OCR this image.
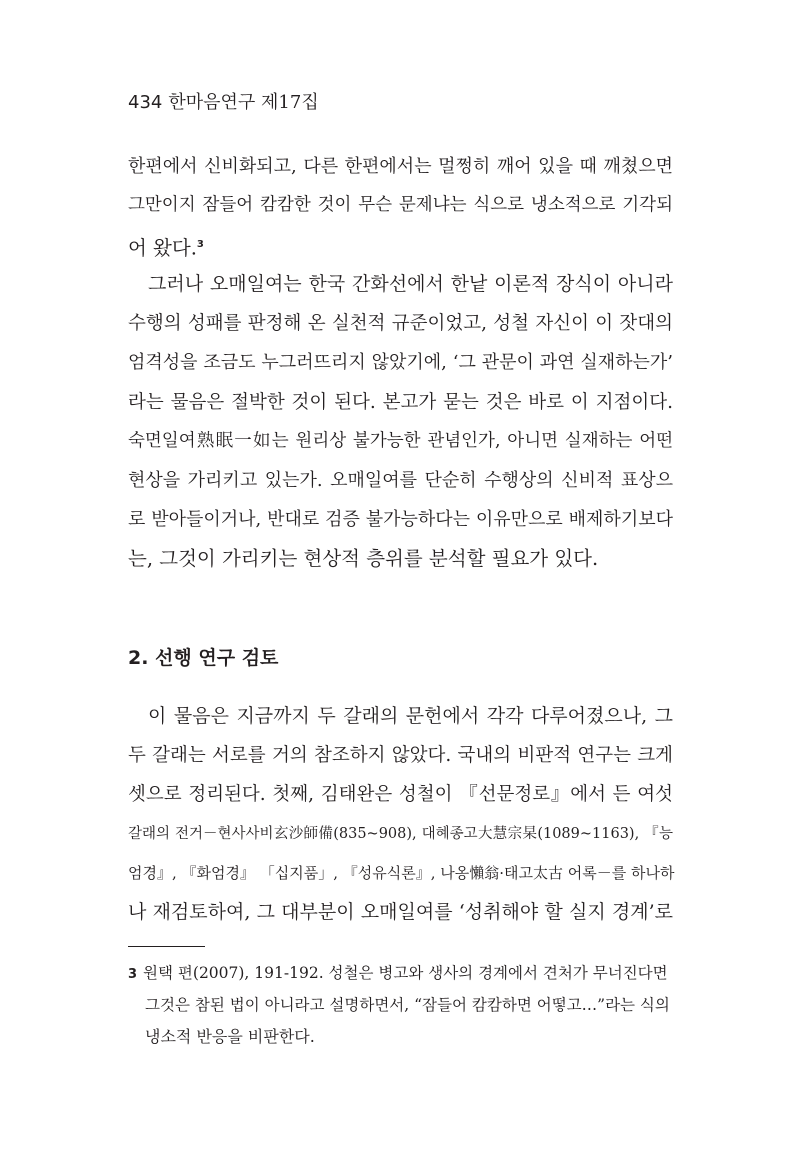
434 한마음연구 제17집
한편에서 신비화되고, 다른 한편에서는 멀쩡히 깨어 있을 때 깨쳤으면
그만이지 잠들어 캄캄한 것이 무슨 문제냐는 식으로 냉소적으로 기각되
어 왔다.$^3$
그러나 오매일여는 한국 간화선에서 한낱 이론적 장식이 아니라
수행의 성패를 판정해 온 실천적 규준이었고, 성철 자신이 이 잣대의
엄격성을 조금도 누그러뜨리지 않았기에, ‘그 관문이 과연 실재하는가’
라는 물음은 절박한 것이 된다. 본고가 묻는 것은 바로 이 지점이다.
숙면일여熟眠一如는 원리상 불가능한 관념인가, 아니면 실재하는 어떤
현상을 가리키고 있는가. 오매일여를 단순히 수행상의 신비적 표상으
로 받아들이거나, 반대로 검증 불가능하다는 이유만으로 배제하기보다
는, 그것이 가리키는 현상적 층위를 분석할 필요가 있다.
2. 선행 연구 검토
이 물음은 지금까지 두 갈래의 문헌에서 각각 다루어졌으나, 그
두 갈래는 서로를 거의 참조하지 않았다. 국내의 비판적 연구는 크게
셋으로 정리된다. 첫째, 김태완은 성철이 『선문정로』에서 든 여섯
갈래의 전거－현사사비玄沙師備(835~908), 대혜종고大慧宗杲(1089~1163), 『능
엄경』, 『화엄경』 「십지품」, 『성유식론』, 나옹懶翁·태고太古 어록－를 하나하
나 재검토하여, 그 대부분이 오매일여를 ‘성취해야 할 실지 경계’로
3 원택 편(2007), 191-192. 성철은 병고와 생사의 경계에서 견처가 무너진다면
그것은 참된 법이 아니라고 설명하면서, “잠들어 캄캄하면 어떻고…”라는 식의
냉소적 반응을 비판한다.
